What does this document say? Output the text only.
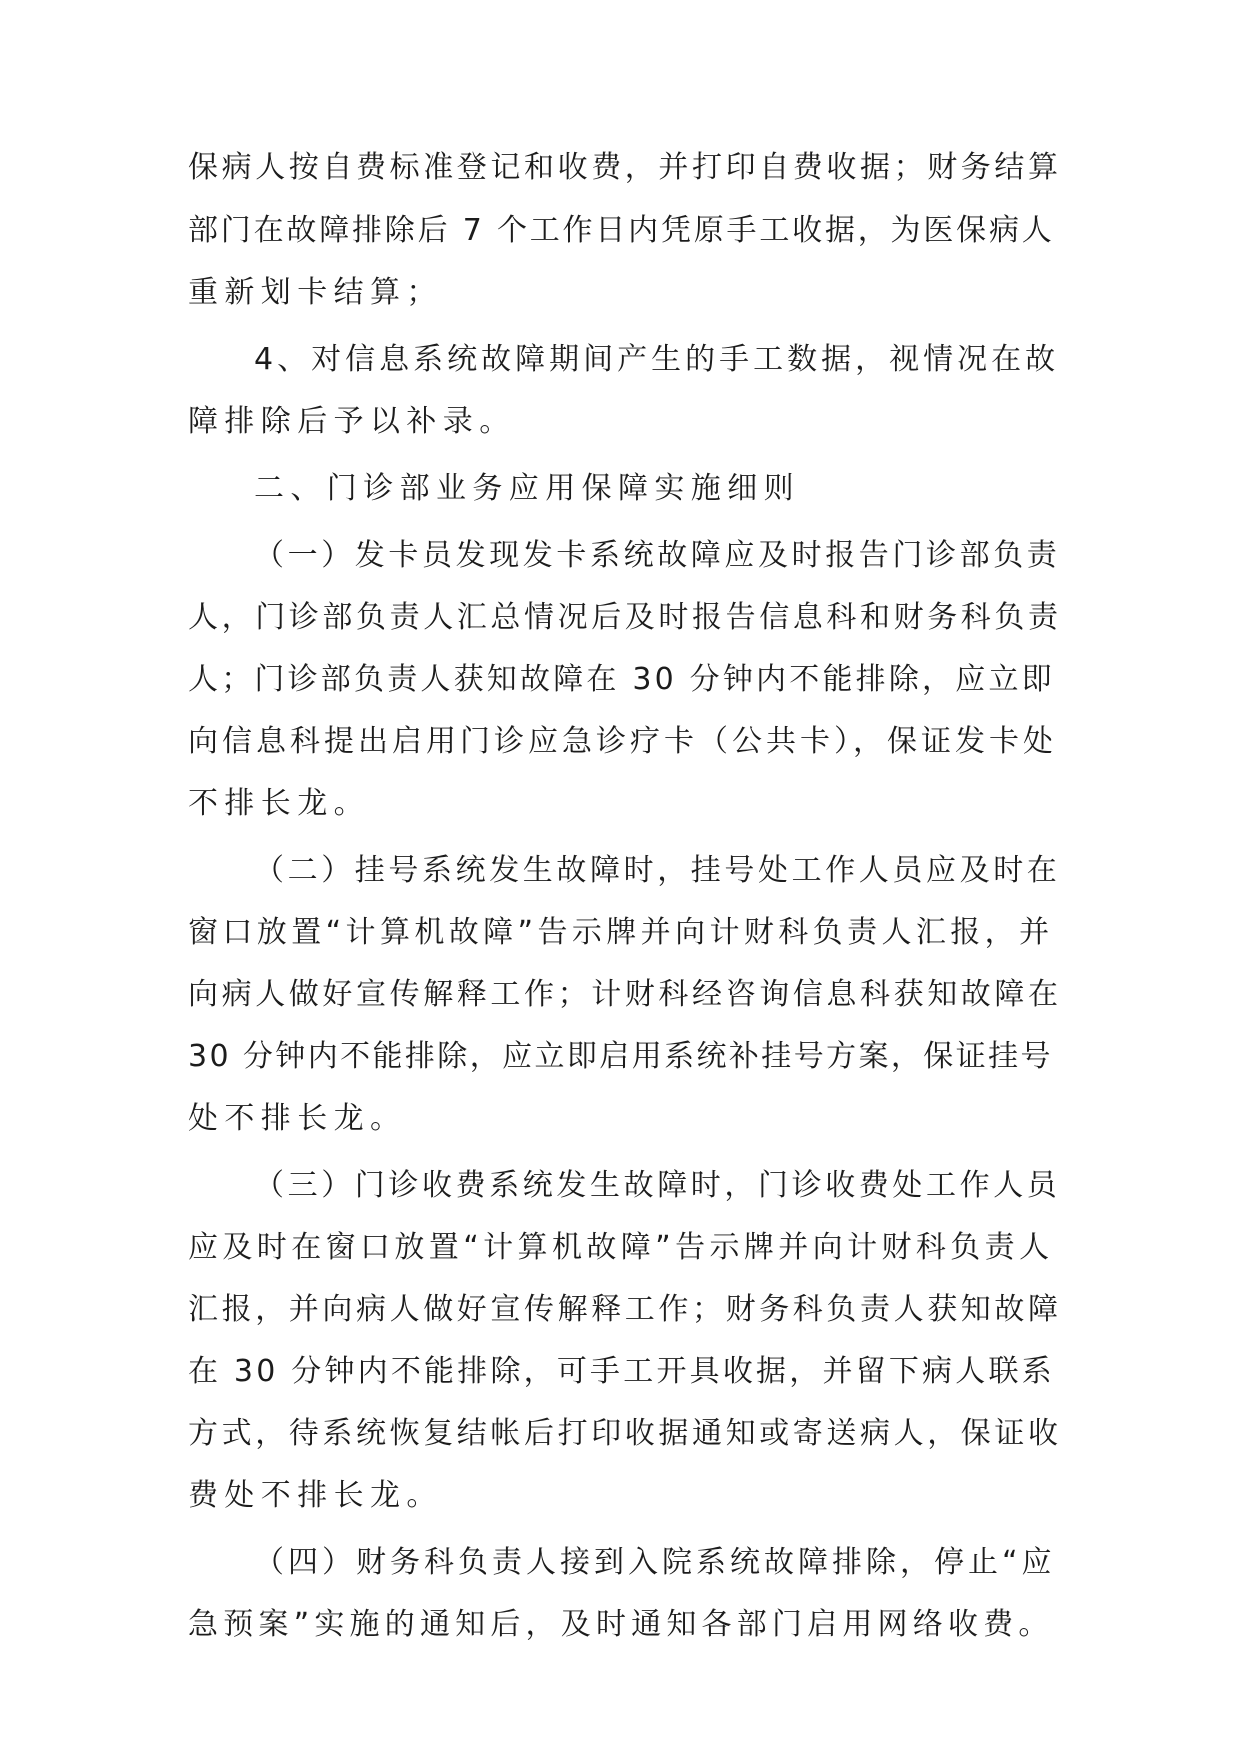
保病人按自费标准登记和收费，并打印自费收据；财务结算
部门在故障排除后 7 个工作日内凭原手工收据，为医保病人
重新划卡结算；
4、对信息系统故障期间产生的手工数据，视情况在故
障排除后予以补录。
二、门诊部业务应用保障实施细则
（一）发卡员发现发卡系统故障应及时报告门诊部负责
人，门诊部负责人汇总情况后及时报告信息科和财务科负责
人；门诊部负责人获知故障在 30 分钟内不能排除，应立即
向信息科提出启用门诊应急诊疗卡（公共卡），保证发卡处
不排长龙。
（二）挂号系统发生故障时，挂号处工作人员应及时在
窗口放置“计算机故障”告示牌并向计财科负责人汇报，并
向病人做好宣传解释工作；计财科经咨询信息科获知故障在
30 分钟内不能排除，应立即启用系统补挂号方案，保证挂号
处不排长龙。
（三）门诊收费系统发生故障时，门诊收费处工作人员
应及时在窗口放置“计算机故障”告示牌并向计财科负责人
汇报，并向病人做好宣传解释工作；财务科负责人获知故障
在 30 分钟内不能排除，可手工开具收据，并留下病人联系
方式，待系统恢复结帐后打印收据通知或寄送病人，保证收
费处不排长龙。
（四）财务科负责人接到入院系统故障排除，停止“应
急预案”实施的通知后，及时通知各部门启用网络收费。
